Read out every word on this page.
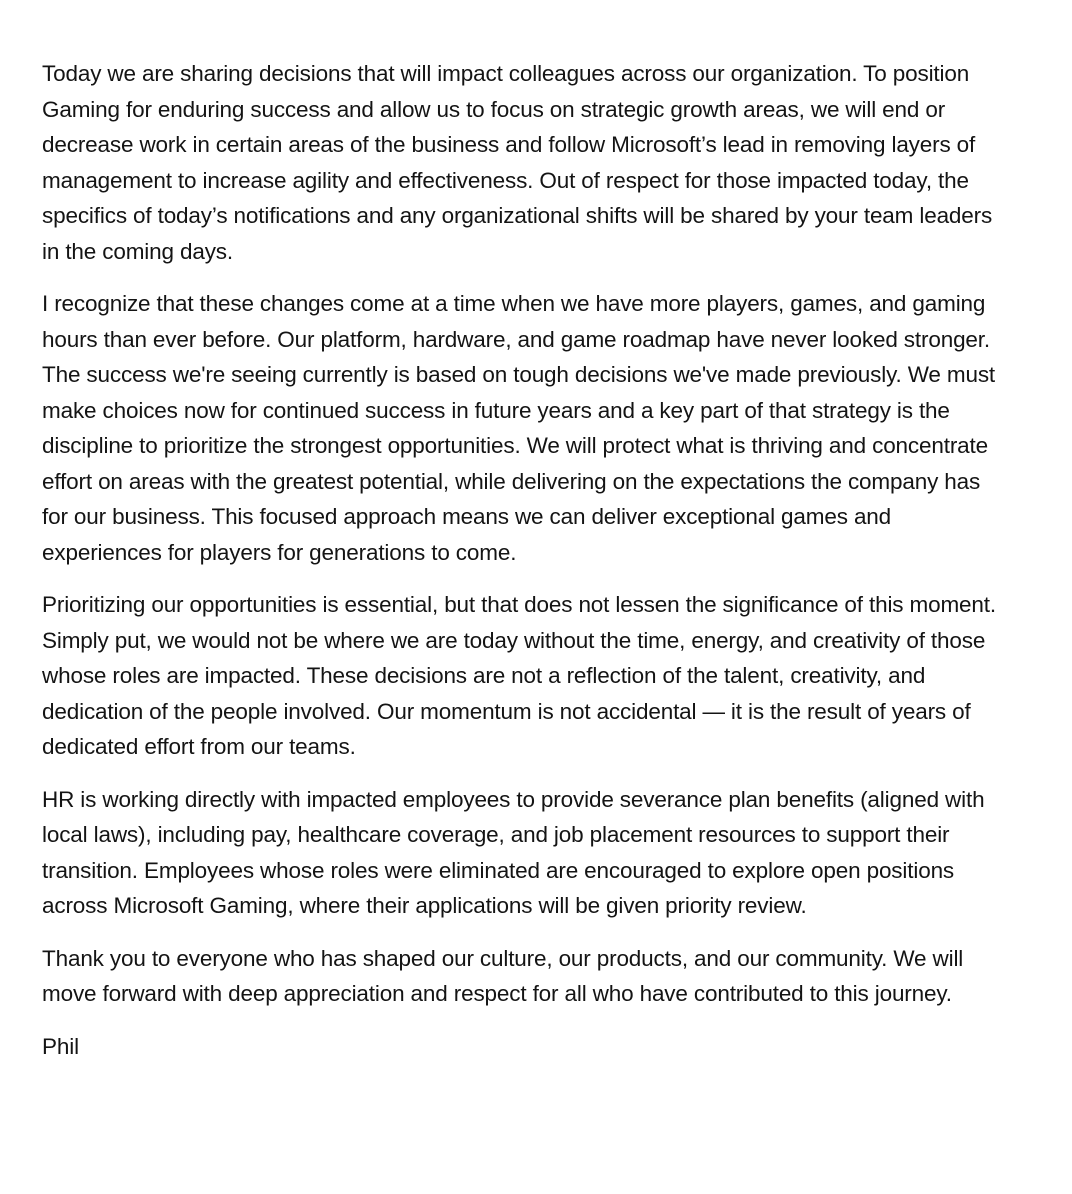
Today we are sharing decisions that will impact colleagues across our organization. To position Gaming for enduring success and allow us to focus on strategic growth areas, we will end or decrease work in certain areas of the business and follow Microsoft’s lead in removing layers of management to increase agility and effectiveness. Out of respect for those impacted today, the specifics of today’s notifications and any organizational shifts will be shared by your team leaders in the coming days.

I recognize that these changes come at a time when we have more players, games, and gaming hours than ever before. Our platform, hardware, and game roadmap have never looked stronger. The success we're seeing currently is based on tough decisions we've made previously. We must make choices now for continued success in future years and a key part of that strategy is the discipline to prioritize the strongest opportunities. We will protect what is thriving and concentrate effort on areas with the greatest potential, while delivering on the expectations the company has for our business. This focused approach means we can deliver exceptional games and experiences for players for generations to come.

Prioritizing our opportunities is essential, but that does not lessen the significance of this moment. Simply put, we would not be where we are today without the time, energy, and creativity of those whose roles are impacted. These decisions are not a reflection of the talent, creativity, and dedication of the people involved. Our momentum is not accidental — it is the result of years of dedicated effort from our teams.

HR is working directly with impacted employees to provide severance plan benefits (aligned with local laws), including pay, healthcare coverage, and job placement resources to support their transition. Employees whose roles were eliminated are encouraged to explore open positions across Microsoft Gaming, where their applications will be given priority review.

Thank you to everyone who has shaped our culture, our products, and our community. We will move forward with deep appreciation and respect for all who have contributed to this journey.

Phil
